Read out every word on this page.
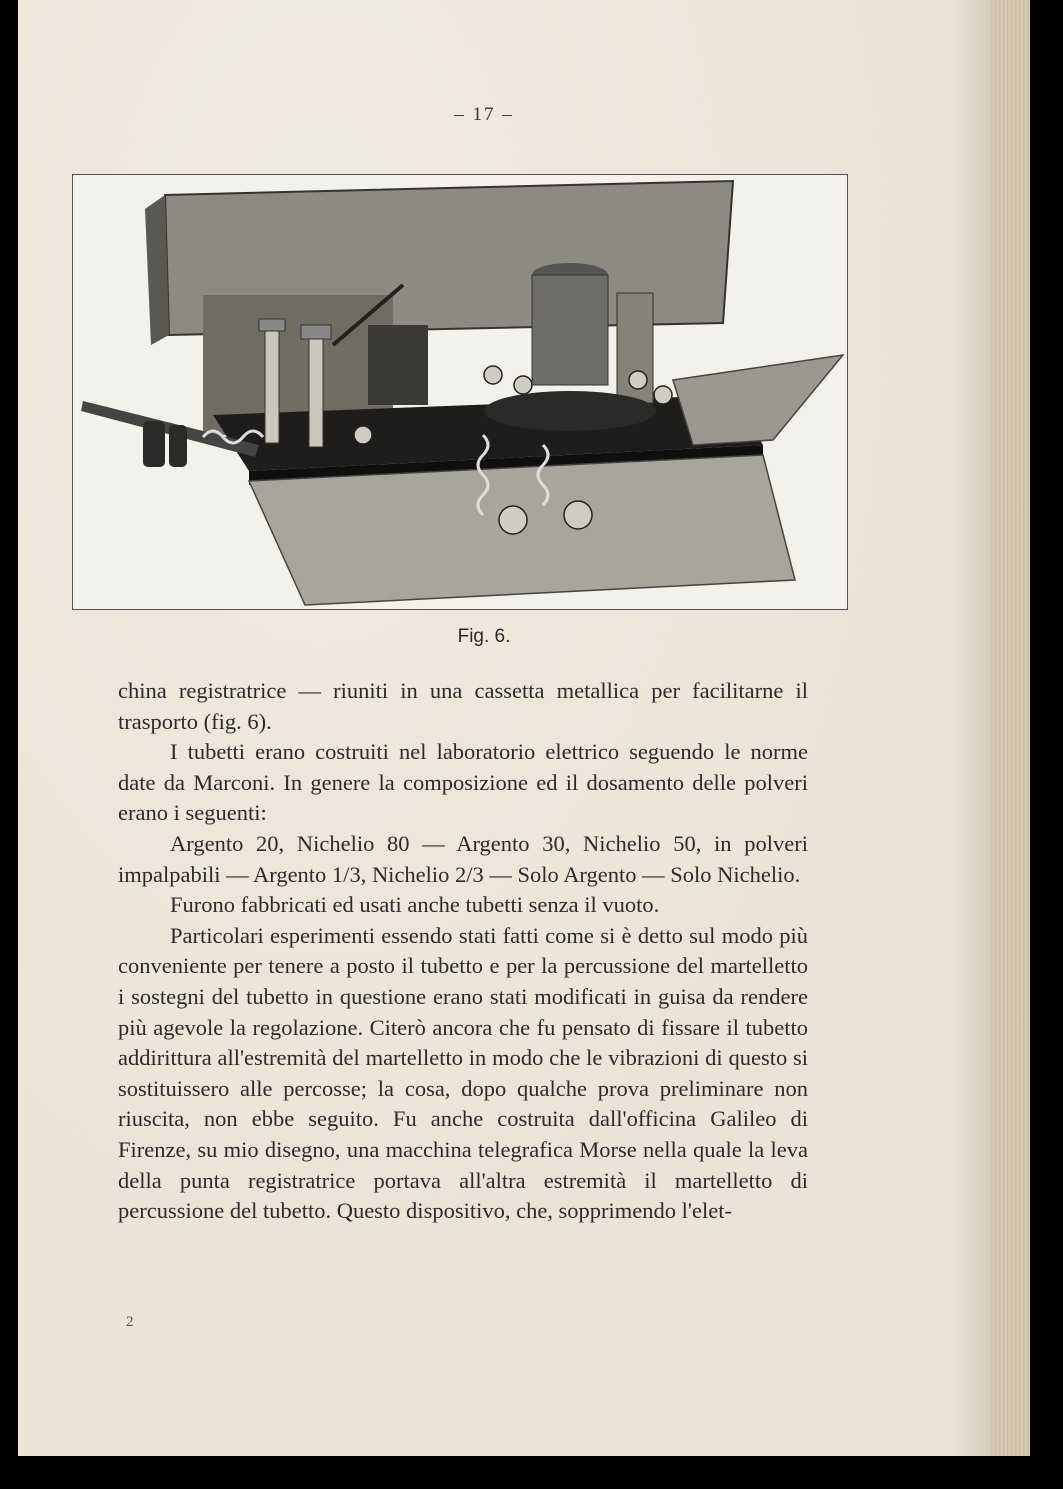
– 17 –
Fig. 6.

china registratrice — riuniti in una cassetta metallica per facilitarne il trasporto (fig. 6).

I tubetti erano costruiti nel laboratorio elettrico seguendo le norme date da Marconi. In genere la composizione ed il dosamento delle polveri erano i seguenti:

Argento 20, Nichelio 80 — Argento 30, Nichelio 50, in polveri impalpabili — Argento 1/3, Nichelio 2/3 — Solo Argento — Solo Nichelio.

Furono fabbricati ed usati anche tubetti senza il vuoto.

Particolari esperimenti essendo stati fatti come si è detto sul modo più conveniente per tenere a posto il tubetto e per la percussione del martelletto i sostegni del tubetto in questione erano stati modificati in guisa da rendere più agevole la regolazione. Citerò ancora che fu pensato di fissare il tubetto addirittura all'estremità del martelletto in modo che le vibrazioni di questo si sostituissero alle percosse; la cosa, dopo qualche prova preliminare non riuscita, non ebbe seguito. Fu anche costruita dall'officina Galileo di Firenze, su mio disegno, una macchina telegrafica Morse nella quale la leva della punta registratrice portava all'altra estremità il martelletto di percussione del tubetto. Questo dispositivo, che, sopprimendo l'elet-

2
